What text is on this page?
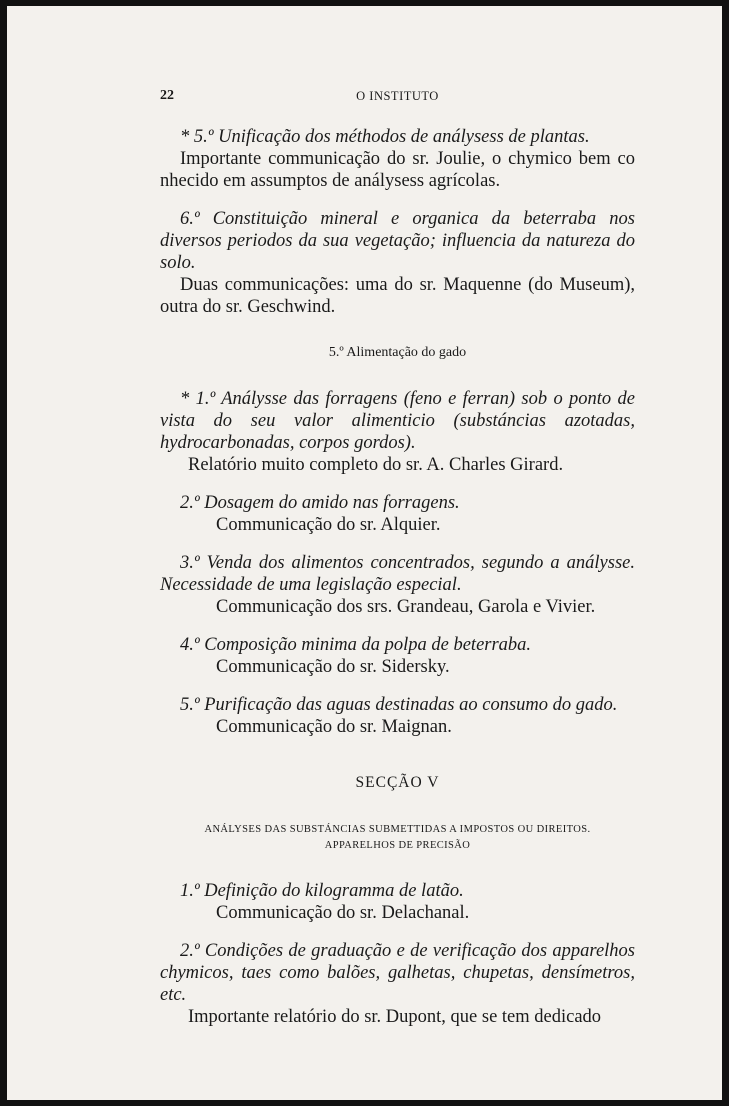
22	O INSTITUTO

* 5.º Unificação dos méthodos de análysess de plantas.

Importante communicação do sr. Joulie, o chymico bem co nhecido em assumptos de análysess agrícolas.

6.º Constituição mineral e organica da beterraba nos diversos periodos da sua vegetação; influencia da natureza do solo.

Duas communicações: uma do sr. Maquenne (do Museum), outra do sr. Geschwind.

5.º Alimentação do gado

* 1.º Análysse das forragens (feno e ferran) sob o ponto de vista do seu valor alimenticio (substáncias azotadas, hydrocarbonadas, corpos gordos).

Relatório muito completo do sr. A. Charles Girard.

2.º Dosagem do amido nas forragens.

Communicação do sr. Alquier.

3.º Venda dos alimentos concentrados, segundo a análysse. Necessidade de uma legislação especial.

Communicação dos srs. Grandeau, Garola e Vivier.

4.º Composição minima da polpa de beterraba.

Communicação do sr. Sidersky.

5.º Purificação das aguas destinadas ao consumo do gado.

Communicação do sr. Maignan.

SECÇÃO V

ANÁLYSES DAS SUBSTÁNCIAS SUBMETTIDAS A IMPOSTOS OU DIREITOS.

APPARELHOS DE PRECISÃO

1.º Definição do kilogramma de latão.

Communicação do sr. Delachanal.

2.º Condições de graduação e de verificação dos apparelhos chymicos, taes como balões, galhetas, chupetas, densímetros, etc.

Importante relatório do sr. Dupont, que se tem dedicado
